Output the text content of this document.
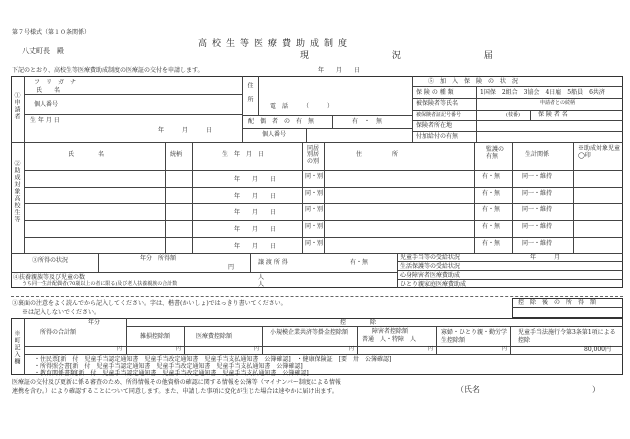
第７号様式（第１０条関係）
高校生等医療費助成制度
現 況 届
八丈町長　殿
下記のとおり、高校生等医療費助成制度の医療証の交付を申請します。	年　　月　　日
①申請者
フ　リ　ガ　ナ
氏　　名
個人番号
生 年 月 日
年　　月　　日
住　所
電　話　　　（　　　）
配　偶　者　の　有　無	有　・　無
個人番号
⑤　加　入　保　険　の　状　況
保 険 の 種 類	1国保　2組合　3協会　4日雇　5船員　6共済
被保険者等氏名	申請者との続柄
被保険者証記号番号	(枝番)	保 険 者 名
保険者所在地
付加給付の有無
②助成対象高校生等
氏　　　　名	続柄	生　年　月　日
同居別居の別
住　　　　　所
監護の有無	生計関係
※助成対象児童◯印
年　　月　　日	同・別	有・無	同一・維持
年　　月　　日	同・別	有・無	同一・維持
年　　月　　日	同・別	有・無	同一・維持
年　　月　　日	同・別	有・無	同一・維持
年　　月　　日	同・別	有・無	同一・維持
③所得の状況	年分　所得額
円
譲 渡 所 得	有・無
④扶養親族等及び児童の数
うち同一生計配偶者(70歳以上の者に限る)及び老人扶養親族の合計数
人
人
児童手当等の受給状況	年　　　月
生活保護等の受給状況
心身障害者医療費助成
ひとり親家庭医療費助成
③裏面の注意をよく読んでから記入してください。字は、楷書(かいしょ)ではっきり書いてください。
※は記入しないでください。
控　除　後　の　所　得　額
※町記入欄
年分
所得の合計額
控　　　　除
雑損控除額	医療費控除額
小規模企業共済等掛金控除額	障害者控除額
普通　人・特障　人
寡婦・ひとり親・勤労学生控除額
児童手当法施行令第3条第1項による控除
円	円	円	円	円	円	80,000円
・住民票[新　付　児童手当認定通知書　児童手当改定通知書　児童手当支払通知書　公簿確認]　・健康保険証　[要　卅　公簿確認]
・所得照会書[新　付　児童手当認定通知書　児童手当改定通知書　児童手当支払通知書　公簿確認]
・教育関係書類[新　付　児童手当認定通知書　児童手当改定通知書　児童手当支払通知書　公簿確認]
医療証の交付及び更新に係る審査のため、所得情報その他資格の確認に関する情報を公簿等（マイナンバー制度による情報
連携を含む。）により確認することについて同意します。また、申請した事項に変化が生じた場合は速やかに届け出ます。	（氏名　　　　　　　　　　　　　　）
